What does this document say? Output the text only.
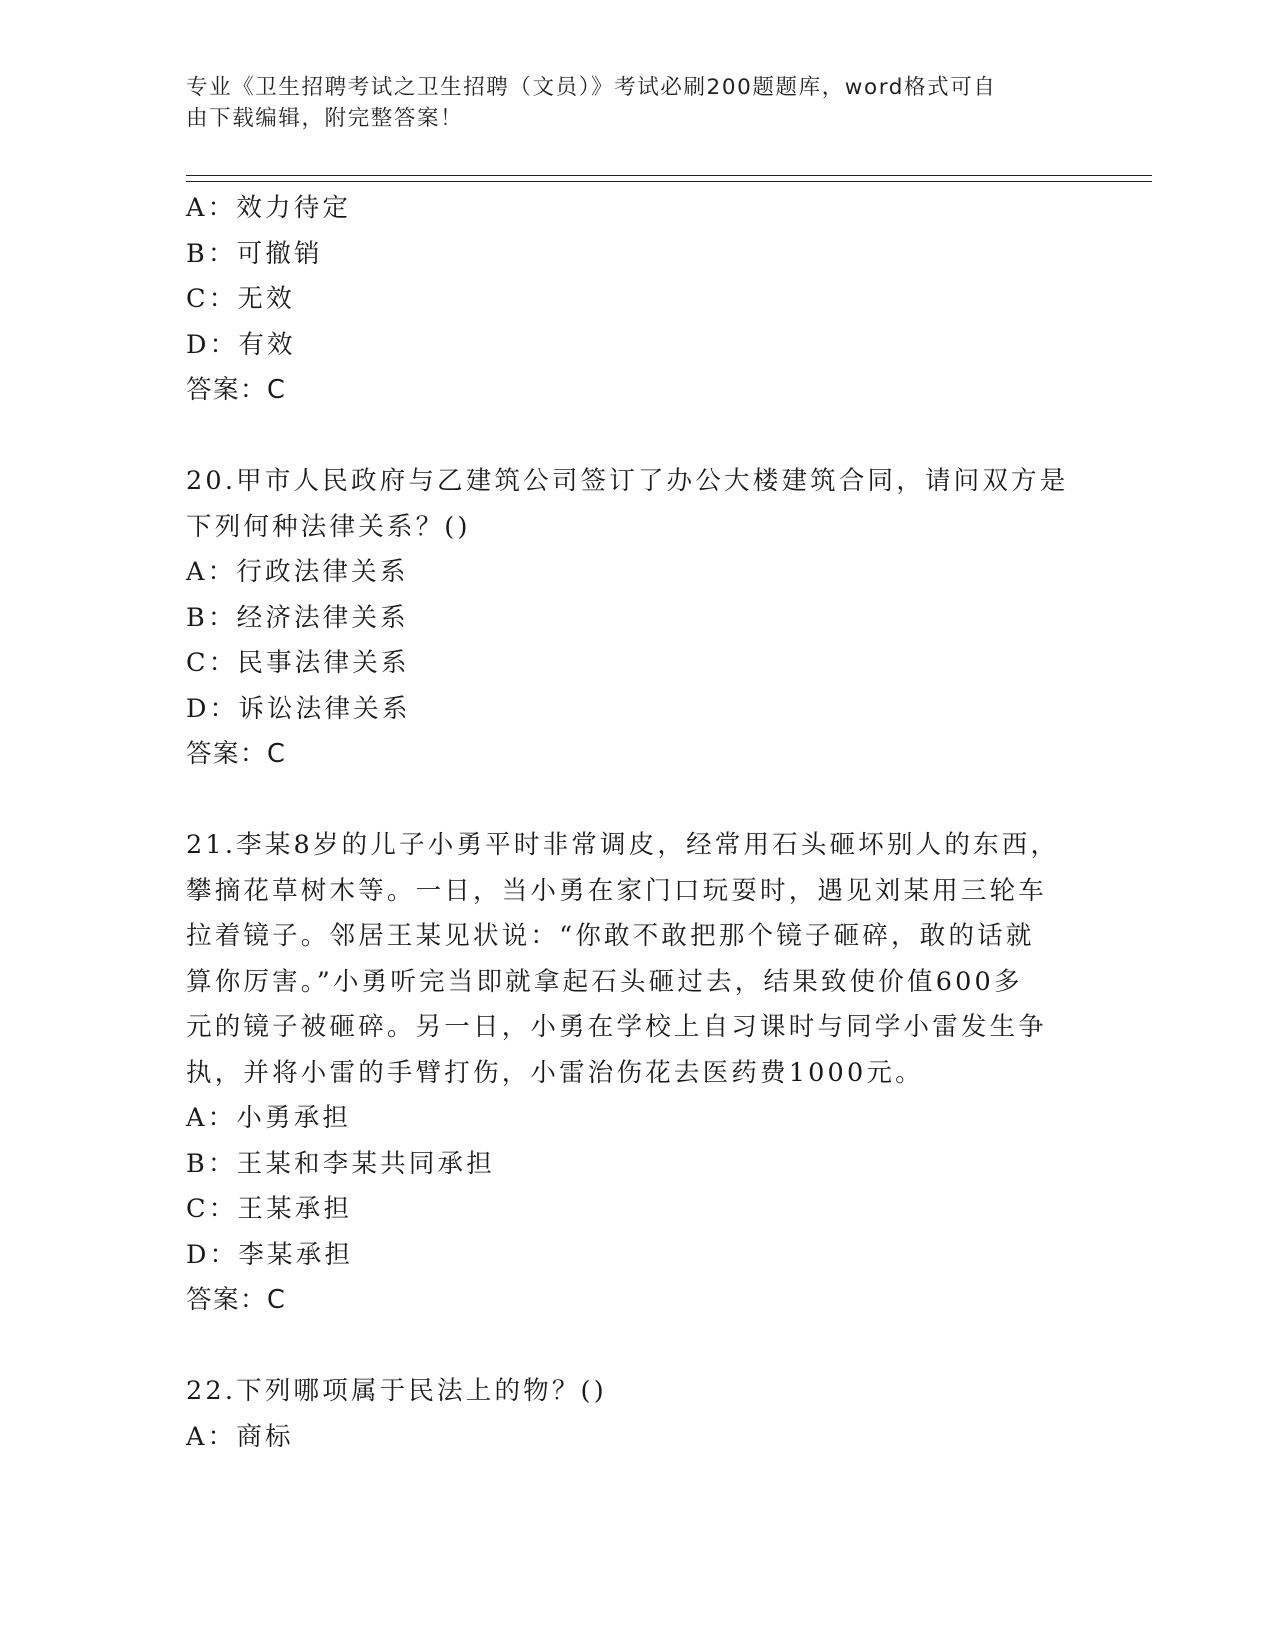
专业《卫生招聘考试之卫生招聘（文员）》考试必刷200题题库，word格式可自
由下载编辑，附完整答案！
A：效力待定
B：可撤销
C：无效
D：有效
答案：C
20.甲市人民政府与乙建筑公司签订了办公大楼建筑合同，请问双方是
下列何种法律关系？()
A：行政法律关系
B：经济法律关系
C：民事法律关系
D：诉讼法律关系
答案：C
21.李某8岁的儿子小勇平时非常调皮，经常用石头砸坏别人的东西，
攀摘花草树木等。一日，当小勇在家门口玩耍时，遇见刘某用三轮车
拉着镜子。邻居王某见状说：“你敢不敢把那个镜子砸碎，敢的话就
算你厉害。”小勇听完当即就拿起石头砸过去，结果致使价值600多
元的镜子被砸碎。另一日，小勇在学校上自习课时与同学小雷发生争
执，并将小雷的手臂打伤，小雷治伤花去医药费1000元。
A：小勇承担
B：王某和李某共同承担
C：王某承担
D：李某承担
答案：C
22.下列哪项属于民法上的物？()
A：商标
